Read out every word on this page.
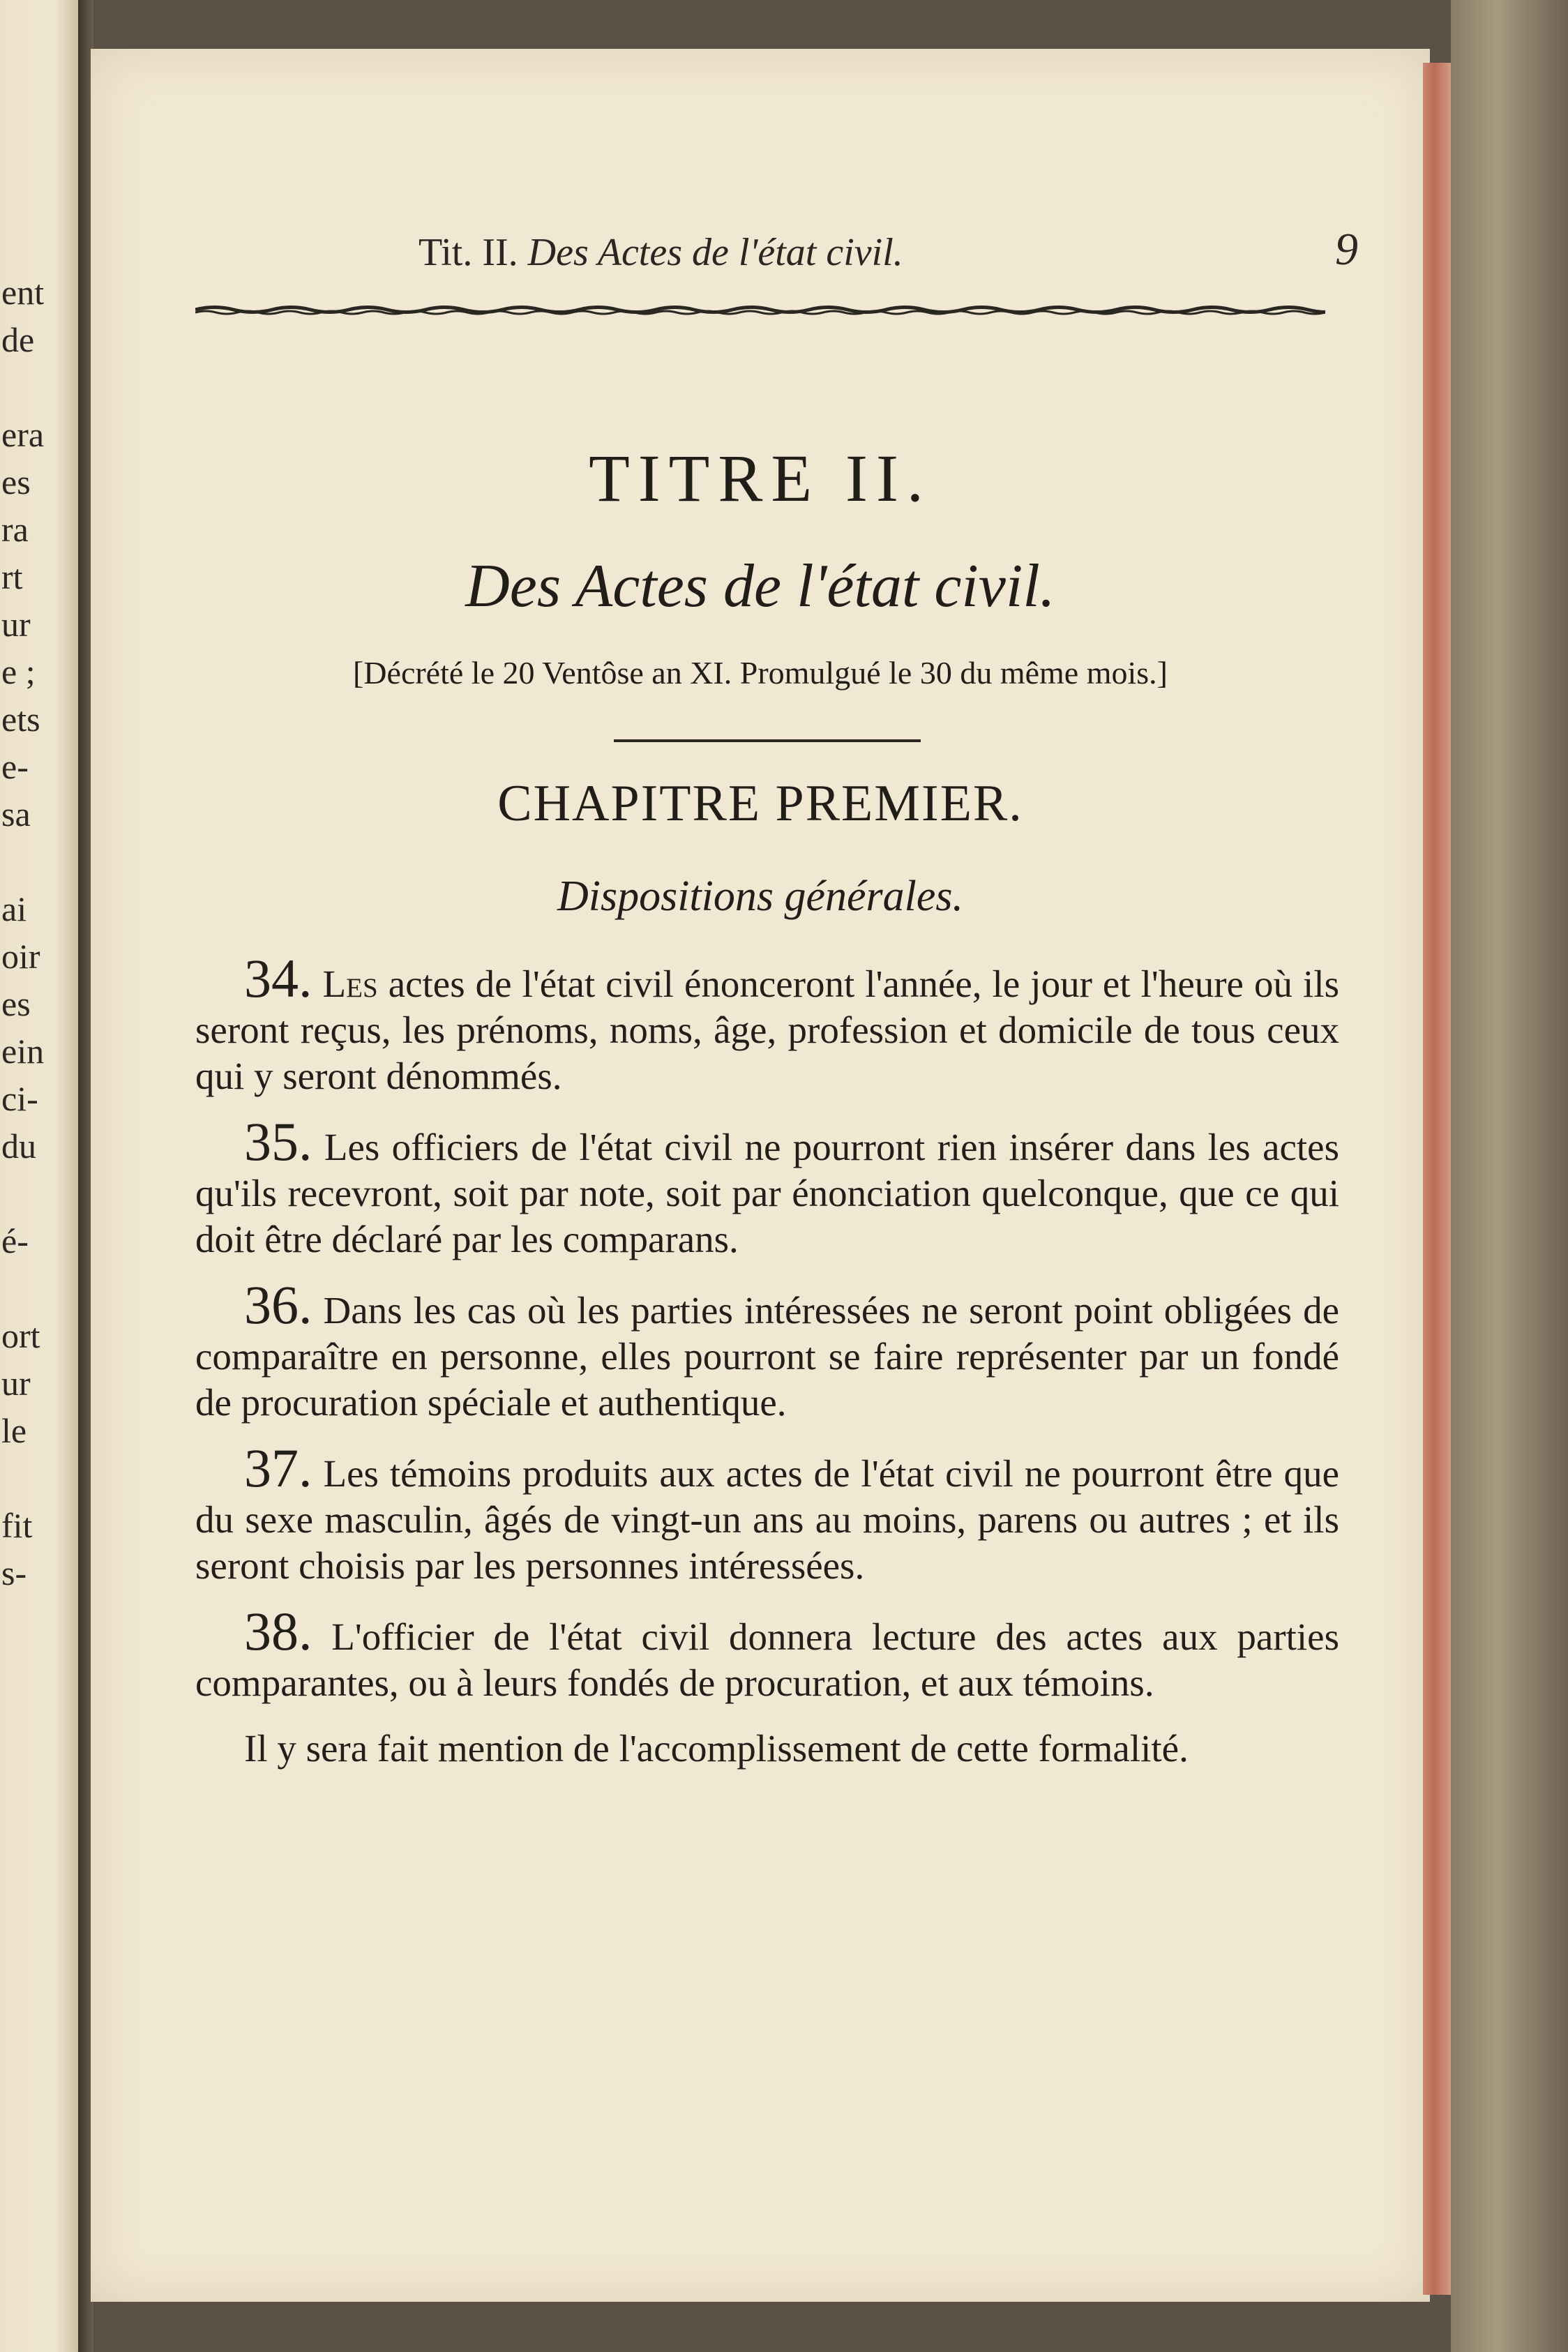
ent
de
era
es
ra
rt
ur
e ;
ets
e-
sa
ai
oir
es
ein
ci-
du
é-
ort
ur
le
fit
s-
Tit. II. Des Actes de l'état civil.	9
TITRE II.
Des Actes de l'état civil.
[Décrété le 20 Ventôse an XI. Promulgué le 30 du même mois.]
CHAPITRE PREMIER.
Dispositions générales.

34. Les actes de l'état civil énonceront l'année, le jour et l'heure où ils seront reçus, les prénoms, noms, âge, profession et domicile de tous ceux qui y seront dénommés.

35. Les officiers de l'état civil ne pourront rien insérer dans les actes qu'ils recevront, soit par note, soit par énonciation quelconque, que ce qui doit être déclaré par les comparans.

36. Dans les cas où les parties intéressées ne seront point obligées de comparaître en personne, elles pourront se faire représenter par un fondé de procuration spéciale et authentique.

37. Les témoins produits aux actes de l'état civil ne pourront être que du sexe masculin, âgés de vingt-un ans au moins, parens ou autres ; et ils seront choisis par les personnes intéressées.

38. L'officier de l'état civil donnera lecture des actes aux parties comparantes, ou à leurs fondés de procuration, et aux témoins.

Il y sera fait mention de l'accomplissement de cette formalité.
